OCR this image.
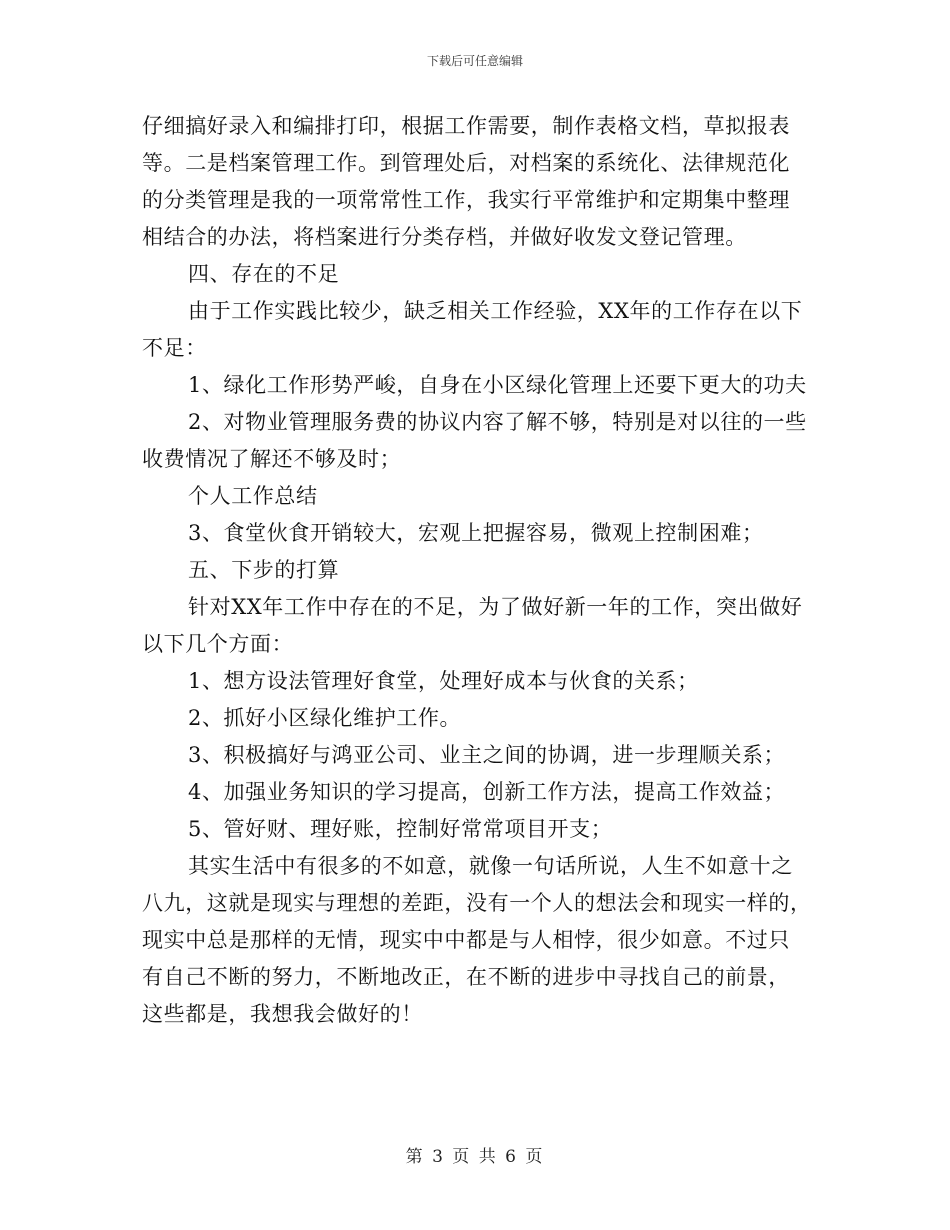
下载后可任意编辑
仔细搞好录入和编排打印，根据工作需要，制作表格文档，草拟报表
等。二是档案管理工作。到管理处后，对档案的系统化、法律规范化
的分类管理是我的一项常常性工作，我实行平常维护和定期集中整理
相结合的办法，将档案进行分类存档，并做好收发文登记管理。
四、存在的不足
由于工作实践比较少，缺乏相关工作经验，XX年的工作存在以下
不足：
1、绿化工作形势严峻，自身在小区绿化管理上还要下更大的功夫
2、对物业管理服务费的协议内容了解不够，特别是对以往的一些
收费情况了解还不够及时；
个人工作总结
3、食堂伙食开销较大，宏观上把握容易，微观上控制困难；
五、下步的打算
针对XX年工作中存在的不足，为了做好新一年的工作，突出做好
以下几个方面：
1、想方设法管理好食堂，处理好成本与伙食的关系；
2、抓好小区绿化维护工作。
3、积极搞好与鸿亚公司、业主之间的协调，进一步理顺关系；
4、加强业务知识的学习提高，创新工作方法，提高工作效益；
5、管好财、理好账，控制好常常项目开支；
其实生活中有很多的不如意，就像一句话所说，人生不如意十之
八九，这就是现实与理想的差距，没有一个人的想法会和现实一样的，
现实中总是那样的无情，现实中中都是与人相悖，很少如意。不过只
有自己不断的努力，不断地改正，在不断的进步中寻找自己的前景，
这些都是，我想我会做好的！
第 3 页 共 6 页
